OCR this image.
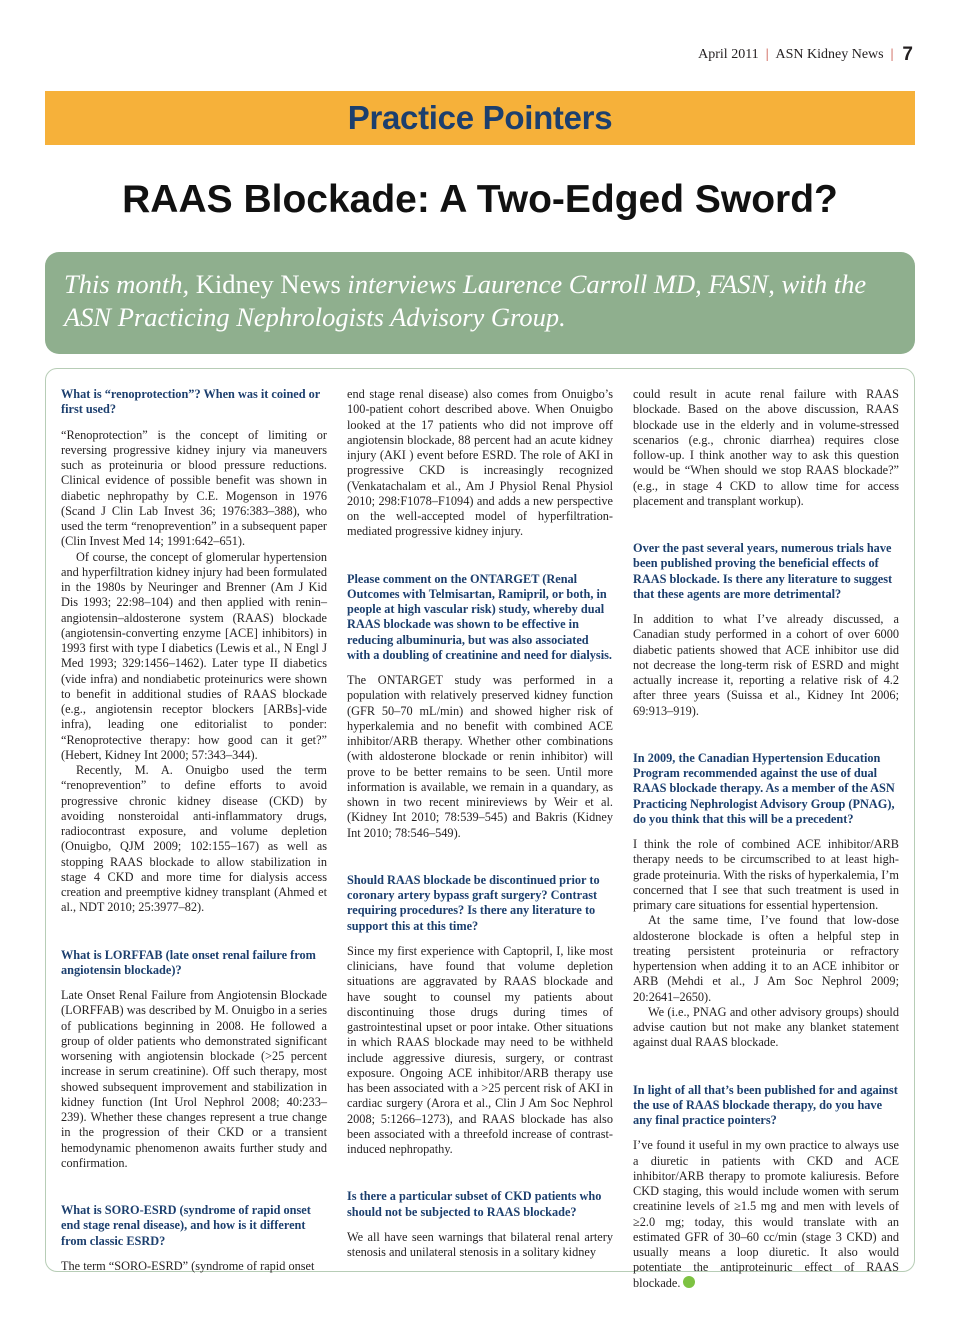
April 2011 | ASN Kidney News | 7
Practice Pointers
RAAS Blockade: A Two-Edged Sword?
This month, Kidney News interviews Laurence Carroll MD, FASN, with the ASN Practicing Nephrologists Advisory Group.
What is “renoprotection”? When was it coined or first used?

“Renoprotection” is the concept of limiting or reversing progressive kidney injury via maneuvers such as proteinuria or blood pressure reductions. Clinical evidence of possible benefit was shown in diabetic nephropathy by C.E. Mogenson in 1976 (Scand J Clin Lab Invest 36; 1976:383–388), who used the term “renoprevention” in a subsequent paper (Clin Invest Med 14; 1991:642–651).

Of course, the concept of glomerular hypertension and hyperfiltration kidney injury had been formulated in the 1980s by Neuringer and Brenner (Am J Kid Dis 1993; 22:98–104) and then applied with renin–angiotensin–aldosterone system (RAAS) blockade (angiotensin-converting enzyme [ACE] inhibitors) in 1993 first with type I diabetics (Lewis et al., N Engl J Med 1993; 329:1456–1462). Later type II diabetics (vide infra) and nondiabetic proteinurics were shown to benefit in additional studies of RAAS blockade (e.g., angiotensin receptor blockers [ARBs]-vide infra), leading one editorialist to ponder: “Renoprotective therapy: how good can it get?” (Hebert, Kidney Int 2000; 57:343–344).

Recently, M. A. Onuigbo used the term “renoprevention” to define efforts to avoid progressive chronic kidney disease (CKD) by avoiding nonsteroidal anti-inflammatory drugs, radiocontrast exposure, and volume depletion (Onuigbo, QJM 2009; 102:155–167) as well as stopping RAAS blockade to allow stabilization in stage 4 CKD and more time for dialysis access creation and preemptive kidney transplant (Ahmed et al., NDT 2010; 25:3977–82).

What is LORFFAB (late onset renal failure from angiotensin blockade)?

Late Onset Renal Failure from Angiotensin Blockade (LORFFAB) was described by M. Onuigbo in a series of publications beginning in 2008. He followed a group of older patients who demonstrated significant worsening with angiotensin blockade (>25 percent increase in serum creatinine). Off such therapy, most showed subsequent improvement and stabilization in kidney function (Int Urol Nephrol 2008; 40:233–239). Whether these changes represent a true change in the progression of their CKD or a transient hemodynamic phenomenon awaits further study and confirmation.

What is SORO-ESRD (syndrome of rapid onset end stage renal disease), and how is it different from classic ESRD?

The term “SORO-ESRD” (syndrome of rapid onset

end stage renal disease) also comes from Onuigbo’s 100-patient cohort described above. When Onuigbo looked at the 17 patients who did not improve off angiotensin blockade, 88 percent had an acute kidney injury (AKI ) event before ESRD. The role of AKI in progressive CKD is increasingly recognized (Venkatachalam et al., Am J Physiol Renal Physiol 2010; 298:F1078–F1094) and adds a new perspective on the well-accepted model of hyperfiltration-mediated progressive kidney injury.

Please comment on the ONTARGET (Renal Outcomes with Telmisartan, Ramipril, or both, in people at high vascular risk) study, whereby dual RAAS blockade was shown to be effective in reducing albuminuria, but was also associated with a doubling of creatinine and need for dialysis.

The ONTARGET study was performed in a population with relatively preserved kidney function (GFR 50–70 mL/min) and showed higher risk of hyperkalemia and no benefit with combined ACE inhibitor/ARB therapy. Whether other combinations (with aldosterone blockade or renin inhibitor) will prove to be better remains to be seen. Until more information is available, we remain in a quandary, as shown in two recent minireviews by Weir et al. (Kidney Int 2010; 78:539–545) and Bakris (Kidney Int 2010; 78:546–549).

Should RAAS blockade be discontinued prior to coronary artery bypass graft surgery? Contrast requiring procedures? Is there any literature to support this at this time?

Since my first experience with Captopril, I, like most clinicians, have found that volume depletion situations are aggravated by RAAS blockade and have sought to counsel my patients about discontinuing those drugs during times of gastrointestinal upset or poor intake. Other situations in which RAAS blockade may need to be withheld include aggressive diuresis, surgery, or contrast exposure. Ongoing ACE inhibitor/ARB therapy use has been associated with a >25 percent risk of AKI in cardiac surgery (Arora et al., Clin J Am Soc Nephrol 2008; 5:1266–1273), and RAAS blockade has also been associated with a threefold increase of contrast-induced nephropathy.

Is there a particular subset of CKD patients who should not be subjected to RAAS blockade?

We all have seen warnings that bilateral renal artery stenosis and unilateral stenosis in a solitary kidney

could result in acute renal failure with RAAS blockade. Based on the above discussion, RAAS blockade use in the elderly and in volume-stressed scenarios (e.g., chronic diarrhea) requires close follow-up. I think another way to ask this question would be “When should we stop RAAS blockade?” (e.g., in stage 4 CKD to allow time for access placement and transplant workup).

Over the past several years, numerous trials have been published proving the beneficial effects of RAAS blockade. Is there any literature to suggest that these agents are more detrimental?

In addition to what I’ve already discussed, a Canadian study performed in a cohort of over 6000 diabetic patients showed that ACE inhibitor use did not decrease the long-term risk of ESRD and might actually increase it, reporting a relative risk of 4.2 after three years (Suissa et al., Kidney Int 2006; 69:913–919).

In 2009, the Canadian Hypertension Education Program recommended against the use of dual RAAS blockade therapy. As a member of the ASN Practicing Nephrologist Advisory Group (PNAG), do you think that this will be a precedent?

I think the role of combined ACE inhibitor/ARB therapy needs to be circumscribed to at least high-grade proteinuria. With the risks of hyperkalemia, I’m concerned that I see that such treatment is used in primary care situations for essential hypertension.

At the same time, I’ve found that low-dose aldosterone blockade is often a helpful step in treating persistent proteinuria or refractory hypertension when adding it to an ACE inhibitor or ARB (Mehdi et al., J Am Soc Nephrol 2009; 20:2641–2650).

We (i.e., PNAG and other advisory groups) should advise caution but not make any blanket statement against dual RAAS blockade.

In light of all that’s been published for and against the use of RAAS blockade therapy, do you have any final practice pointers?

I’ve found it useful in my own practice to always use a diuretic in patients with CKD and ACE inhibitor/ARB therapy to promote kaliuresis. Before CKD staging, this would include women with serum creatinine levels of ≥1.5 mg and men with levels of ≥2.0 mg; today, this would translate with an estimated GFR of 30–60 cc/min (stage 3 CKD) and usually means a loop diuretic. It also would potentiate the antiproteinuric effect of RAAS blockade.
